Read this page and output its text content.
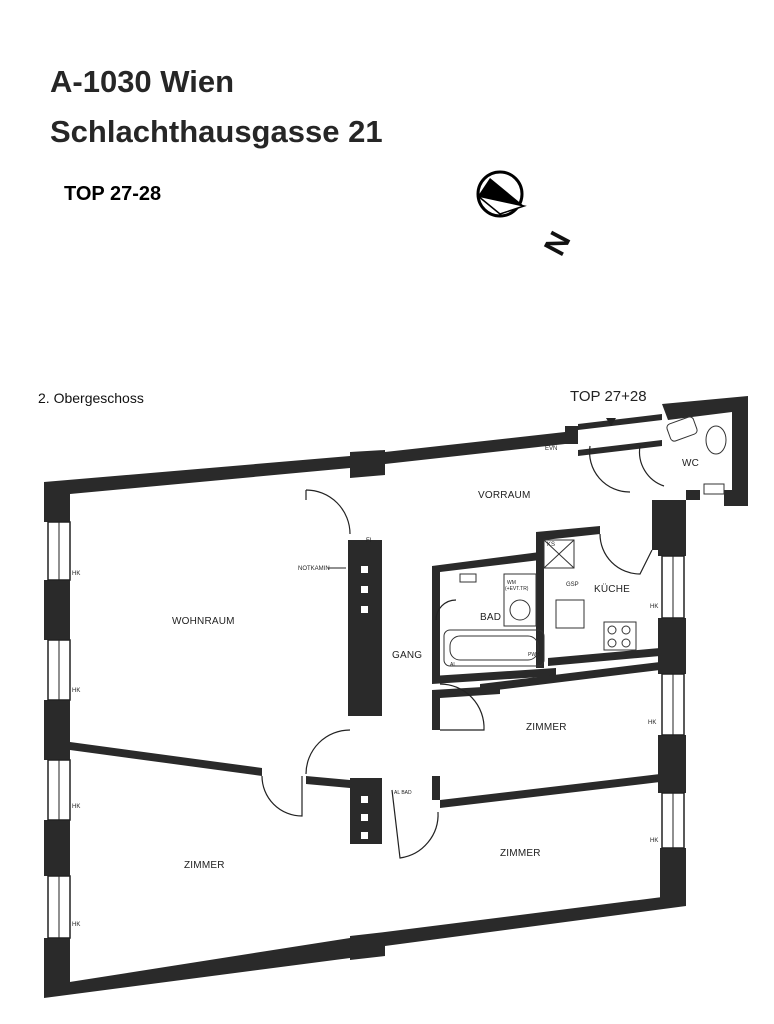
A-1030 Wien
Schlachthausgasse 21
TOP 27-28
2. Obergeschoss	TOP 27+28
N
WOHNRAUM
VORRAUM
GANG
BAD
KÜCHE
WC
ZIMMER
ZIMMER
ZIMMER
HK
HK
HK
HK
HK
HK
HK
NOTKAMIN
FI
EVN
KS
GSP
WM
(+EVT.TR)
PWH
AL
AL BAD
